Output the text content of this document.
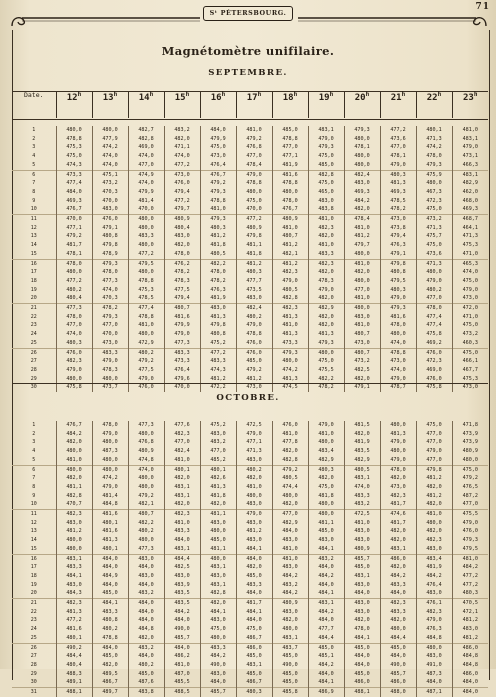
71
Sᵗ PÉTERSBOURG.
Magnétomètre unifilaire.
SEPTEMBRE.
Date.	12$^h$	13$^h$	14$^h$	15$^h$	16$^h$	17$^h$	18$^h$	19$^h$	20$^h$	21$^h$	22$^h$	23$^h$
1	480,0	480,0	482,7	483,2	484,0	481,0	485,0	483,1	479,3	477,2	480,1	481,0
2	478,8	477,9	482,8	482,0	479,9	479,2	478,8	479,0	480,0	473,6	471,3	483,1
3	475,3	474,2	469,0	471,1	475,0	476,8	477,0	479,3	478,1	477,0	474,2	479,0
4	475,0	474,0	474,0	474,0	473,0	477,0	477,1	475,0	480,0	478,1	478,0	473,1
5	474,3	474,0	477,0	477,2	476,4	478,4	481,9	485,0	480,0	479,0	479,3	466,3
6	473,3	475,1	474,9	473,0	476,7	479,0	481,6	482,8	482,4	480,3	475,9	483,1
7	477,4	473,2	474,0	476,0	479,2	478,8	478,8	475,0	483,0	481,3	480,0	482,9
8	484,0	470,3	479,9	479,4	479,3	480,0	480,0	465,0	469,3	469,3	467,3	462,0
9	469,3	470,0	481,4	477,2	478,8	475,0	478,0	483,0	484,2	478,5	472,3	468,0
10	476,7	483,0	470,0	479,7	481,0	470,0	476,7	483,8	482,0	478,2	475,0	469,3
11	470,0	476,0	480,0	480,9	479,3	477,2	480,9	481,0	478,4	473,0	473,2	468,7
12	477,1	479,1	480,0	480,4	480,3	480,9	481,0	482,3	481,0	473,8	471,3	464,1
13	479,2	480,8	483,3	483,0	481,2	479,8	480,7	482,0	481,2	479,4	475,7	471,3
14	481,7	479,8	480,0	482,0	481,8	481,1	481,2	481,0	479,7	476,3	475,0	475,3
15	478,1	478,9	477,2	478,0	480,5	481,8	482,1	483,3	480,0	479,1	473,6	471,0
16	478,0	479,3	479,5	476,2	482,2	481,2	481,2	482,3	481,0	479,8	471,3	465,3
17	480,0	478,0	480,0	478,2	478,0	480,3	482,3	482,0	482,0	480,8	480,0	474,0
18	477,2	477,3	478,8	478,3	478,2	477,7	479,0	478,3	480,0	479,5	479,0	475,0
19	480,2	474,0	475,3	477,5	476,3	473,5	480,5	479,0	477,0	480,3	480,2	479,0
20	480,4	470,3	478,5	479,4	481,9	483,0	482,8	482,0	481,0	479,0	477,0	473,0
21	477,3	478,2	477,4	480,7	483,0	482,4	482,3	482,9	480,0	479,3	478,0	472,0
22	478,0	479,3	478,8	481,6	481,3	480,2	481,3	482,0	483,0	481,6	477,4	471,0
23	477,0	477,0	481,0	479,9	479,8	479,0	481,0	482,0	481,0	478,0	477,4	475,0
24	474,0	470,0	480,0	479,0	480,8	478,8	481,3	481,3	480,7	480,0	475,8	473,2
25	480,3	473,0	472,9	477,3	475,2	476,0	473,3	479,3	473,0	474,0	469,2	460,3
26	476,0	483,3	480,2	483,3	477,2	476,0	479,3	480,0	480,7	478,8	476,0	475,0
27	482,3	479,0	479,2	473,3	483,3	485,0	480,0	475,0	473,2	473,0	472,3	466,1
28	479,0	478,3	477,5	476,4	474,3	479,2	474,2	475,5	482,5	474,0	469,0	467,7
29	480,0	480,0	479,0	479,6	481,2	481,2	481,3	482,2	482,0	479,0	476,0	475,3
30	475,8	473,7	476,0	470,0	472,2	473,0	474,5	478,2	479,1	478,7	475,8	473,0
1	476,7	478,0	477,3	477,6	475,2	472,5	476,0	479,0	481,5	480,0	475,0	471,8
2	484,2	479,0	480,0	482,3	483,0	479,0	481,0	481,0	482,0	481,3	477,0	473,9
3	482,0	480,0	476,8	477,0	483,2	477,1	477,8	480,0	481,9	479,0	477,0	473,9
4	480,0	487,3	480,9	482,4	477,0	471,3	482,0	483,4	483,5	480,0	479,0	480,9
5	481,0	480,0	474,8	481,0	485,2	483,0	482,8	482,9	482,9	479,0	477,0	480,0
6	480,0	480,0	474,0	480,1	480,1	480,2	479,2	480,3	480,5	478,0	479,8	475,0
7	482,0	474,2	480,0	482,0	482,6	482,0	480,5	482,0	483,1	482,0	481,2	479,2
8	481,1	479,0	480,0	483,1	481,3	481,0	474,4	475,0	474,0	473,0	482,0	476,5
9	482,8	481,4	479,2	483,1	481,8	480,0	480,0	481,8	483,3	482,3	481,2	487,2
10	470,7	484,8	482,1	482,0	482,0	483,0	482,0	480,0	483,2	481,7	482,0	477,0
11	482,3	481,6	480,7	482,3	481,1	479,0	477,0	480,0	472,5	474,6	481,0	475,5
12	483,0	480,1	482,2	481,0	483,0	483,0	482,9	481,1	481,0	481,7	480,0	479,0
13	481,2	481,6	480,2	483,3	480,0	481,2	484,0	485,0	483,0	482,0	482,0	476,0
14	480,0	481,3	480,0	484,0	485,0	483,0	483,0	483,0	483,0	482,0	482,3	479,3
15	480,0	480,1	477,3	483,1	481,1	484,1	481,0	484,1	480,9	483,1	483,0	479,5
16	483,1	484,0	483,0	484,4	480,0	484,0	481,0	483,2	485,7	486,0	483,4	481,0
17	483,3	484,0	484,0	482,5	483,1	482,0	483,0	484,0	485,0	482,0	481,9	484,2
18	484,1	484,9	483,0	483,0	483,0	485,0	484,2	484,2	483,1	484,2	484,2	477,2
19	483,0	484,0	484,0	483,9	483,1	483,3	483,2	484,0	483,0	483,3	476,4	477,2
20	484,3	485,0	483,2	483,5	482,8	484,0	484,2	484,1	484,0	484,0	483,0	480,3
21	482,3	484,1	484,0	483,5	482,0	481,7	480,9	483,1	483,0	482,3	476,1	470,5
22	481,3	483,3	484,0	484,2	484,1	484,1	483,0	484,2	483,0	483,3	482,3	472,1
23	477,2	480,8	484,0	484,0	483,0	484,0	482,0	484,0	482,0	482,0	479,0	481,2
24	481,6	480,2	484,8	490,0	475,0	475,0	480,0	477,7	478,0	480,0	476,3	483,0
25	480,1	478,8	482,0	485,7	480,0	486,7	483,1	484,4	484,1	484,4	484,8	481,2
26	490,2	484,0	483,2	484,0	483,3	486,0	483,7	485,0	485,0	485,0	480,0	486,0
27	484,4	485,0	484,0	486,2	484,2	485,0	485,0	485,1	484,0	484,0	483,0	484,8
28	480,4	482,0	480,2	481,0	490,0	483,1	490,0	484,2	484,0	490,0	491,0	484,8
29	488,3	489,5	485,0	487,0	483,0	485,0	485,0	484,0	485,0	485,7	487,3	486,0
30	489,1	486,7	487,6	485,5	484,0	486,7	485,0	484,1	486,0	486,0	484,0	484,0
31	488,1	489,7	483,8	488,5	485,7	480,3	485,8	486,9	488,1	488,0	487,1	484,0
OCTOBRE.
